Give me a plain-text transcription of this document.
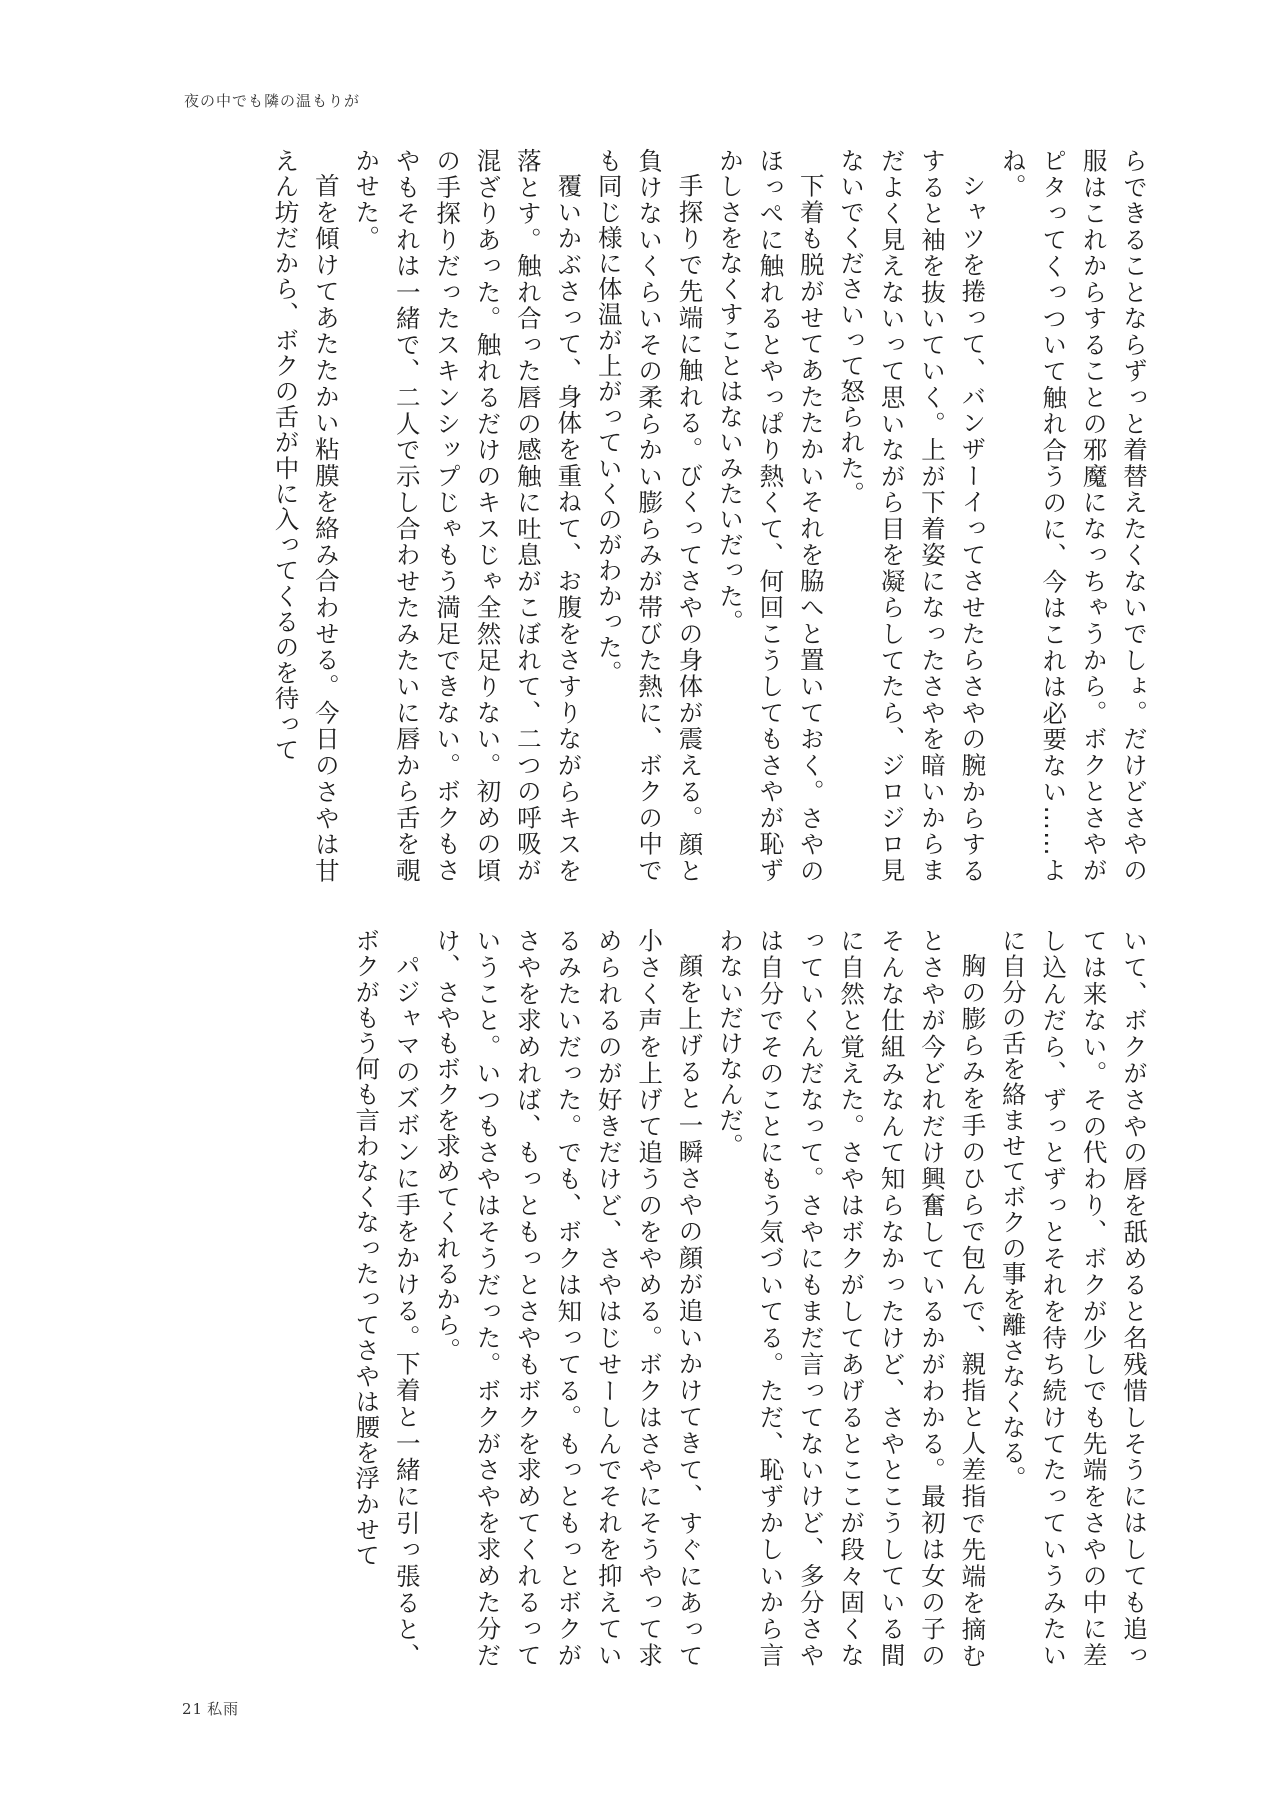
夜の中でも隣の温もりが

らできることならずっと着替えたくないでしょ。だけどさやの服はこれからすることの邪魔になっちゃうから。ボクとさやがピタってくっついて触れ合うのに、今はこれは必要ない……よね。

シャツを捲って、バンザーイってさせたらさやの腕からするすると袖を抜いていく。上が下着姿になったさやを暗いからまだよく見えないって思いながら目を凝らしてたら、ジロジロ見ないでくださいって怒られた。

下着も脱がせてあたたかいそれを脇へと置いておく。さやのほっぺに触れるとやっぱり熱くて、何回こうしてもさやが恥ずかしさをなくすことはないみたいだった。

手探りで先端に触れる。びくってさやの身体が震える。顔と負けないくらいその柔らかい膨らみが帯びた熱に、ボクの中でも同じ様に体温が上がっていくのがわかった。

覆いかぶさって、身体を重ねて、お腹をさすりながらキスを落とす。触れ合った唇の感触に吐息がこぼれて、二つの呼吸が混ざりあった。触れるだけのキスじゃ全然足りない。初めの頃の手探りだったスキンシップじゃもう満足できない。ボクもさやもそれは一緒で、二人で示し合わせたみたいに唇から舌を覗かせた。

首を傾けてあたたかい粘膜を絡み合わせる。今日のさやは甘えん坊だから、ボクの舌が中に入ってくるのを待って

いて、ボクがさやの唇を舐めると名残惜しそうにはしても追っては来ない。その代わり、ボクが少しでも先端をさやの中に差し込んだら、ずっとずっとそれを待ち続けてたっていうみたいに自分の舌を絡ませてボクの事を離さなくなる。

胸の膨らみを手のひらで包んで、親指と人差指で先端を摘むとさやが今どれだけ興奮しているかがわかる。最初は女の子のそんな仕組みなんて知らなかったけど、さやとこうしている間に自然と覚えた。さやはボクがしてあげるとここが段々固くなっていくんだなって。さやにもまだ言ってないけど、多分さやは自分でそのことにもう気づいてる。ただ、恥ずかしいから言わないだけなんだ。

顔を上げると一瞬さやの顔が追いかけてきて、すぐにあって小さく声を上げて追うのをやめる。ボクはさやにそうやって求められるのが好きだけど、さやはじせーしんでそれを抑えているみたいだった。でも、ボクは知ってる。もっともっとボクがさやを求めれば、もっともっとさやもボクを求めてくれるっていうこと。いつもさやはそうだった。ボクがさやを求めた分だけ、さやもボクを求めてくれるから。

パジャマのズボンに手をかける。下着と一緒に引っ張ると、ボクがもう何も言わなくなったってさやは腰を浮かせて

21 私雨
